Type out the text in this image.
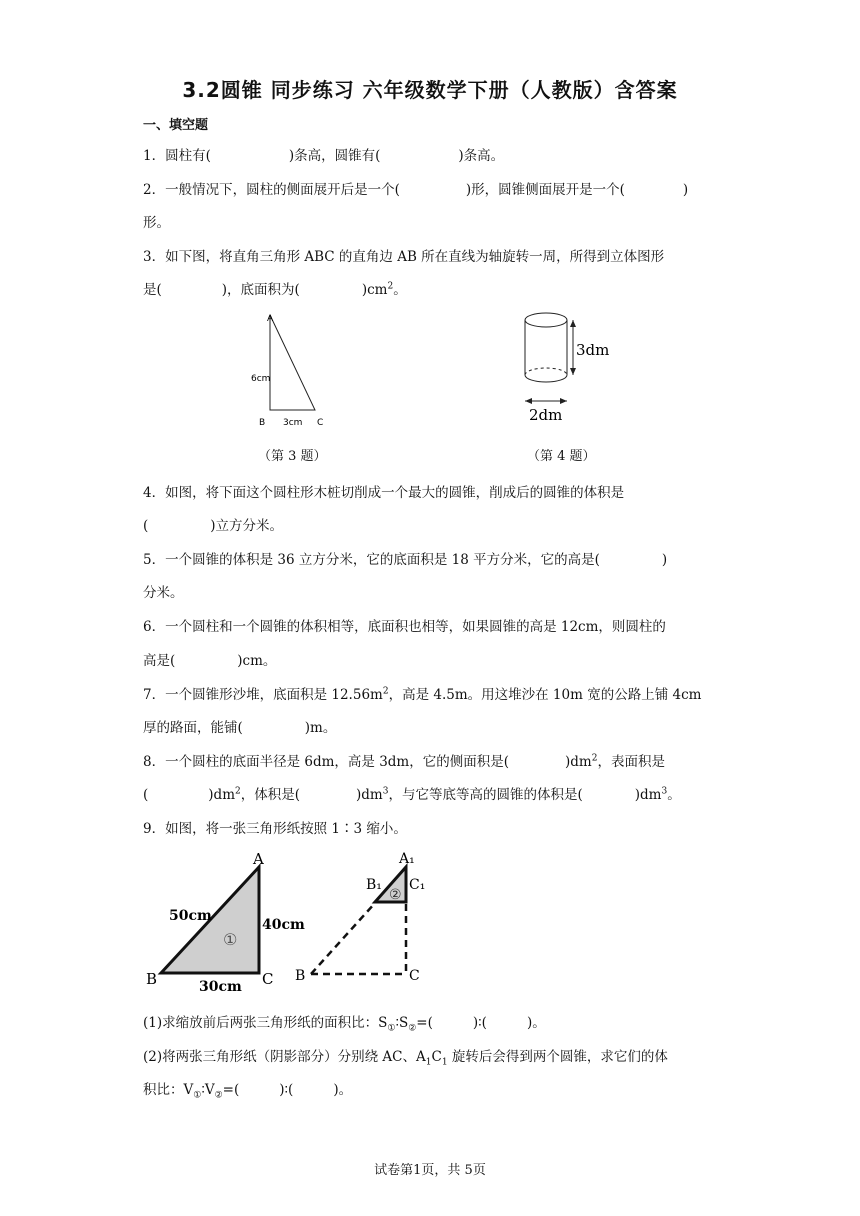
3.2圆锥 同步练习 六年级数学下册（人教版）含答案
一、填空题
1．圆柱有(	)条高，圆锥有(	)条高。
2．一般情况下，圆柱的侧面展开后是一个(	)形，圆锥侧面展开是一个(	)
形。
3．如下图，将直角三角形 ABC 的直角边 AB 所在直线为轴旋转一周，所得到立体图形
是(	)，底面积为(	)$cm^2$。
A
B	C
6cm
3cm
（第 3 题）
3dm
2dm
（第 4 题）
4．如图，将下面这个圆柱形木桩切削成一个最大的圆锥，削成后的圆锥的体积是
(	)立方分米。
5．一个圆锥的体积是 36 立方分米，它的底面积是 18 平方分米，它的高是(	)
分米。
6．一个圆柱和一个圆锥的体积相等，底面积也相等，如果圆锥的高是 12cm，则圆柱的
高是(	)cm。
7．一个圆锥形沙堆，底面积是 $12.56m^2$，高是 4.5m。用这堆沙在 10m 宽的公路上铺 4cm
厚的路面，能铺(	)m。
8．一个圆柱的底面半径是 6dm，高是 3dm，它的侧面积是(	)$dm^2$，表面积是
(	)$dm^2$，体积是(	)$dm^3$，与它等底等高的圆锥的体积是(	)$dm^3$。
9．如图，将一张三角形纸按照 1∶3 缩小。
A
B	C
50cm
40cm
30cm
①
A₁
B₁ C₁
②
B	C
(1)求缩放前后两张三角形纸的面积比：$S_①∶S_②=$(	)∶(	)。
(2)将两张三角形纸（阴影部分）分别绕 AC、$A_1C_1$ 旋转后会得到两个圆锥，求它们的体
积比：$V_①∶V_②=$(	)∶(	)。
试卷第1页，共 5页
